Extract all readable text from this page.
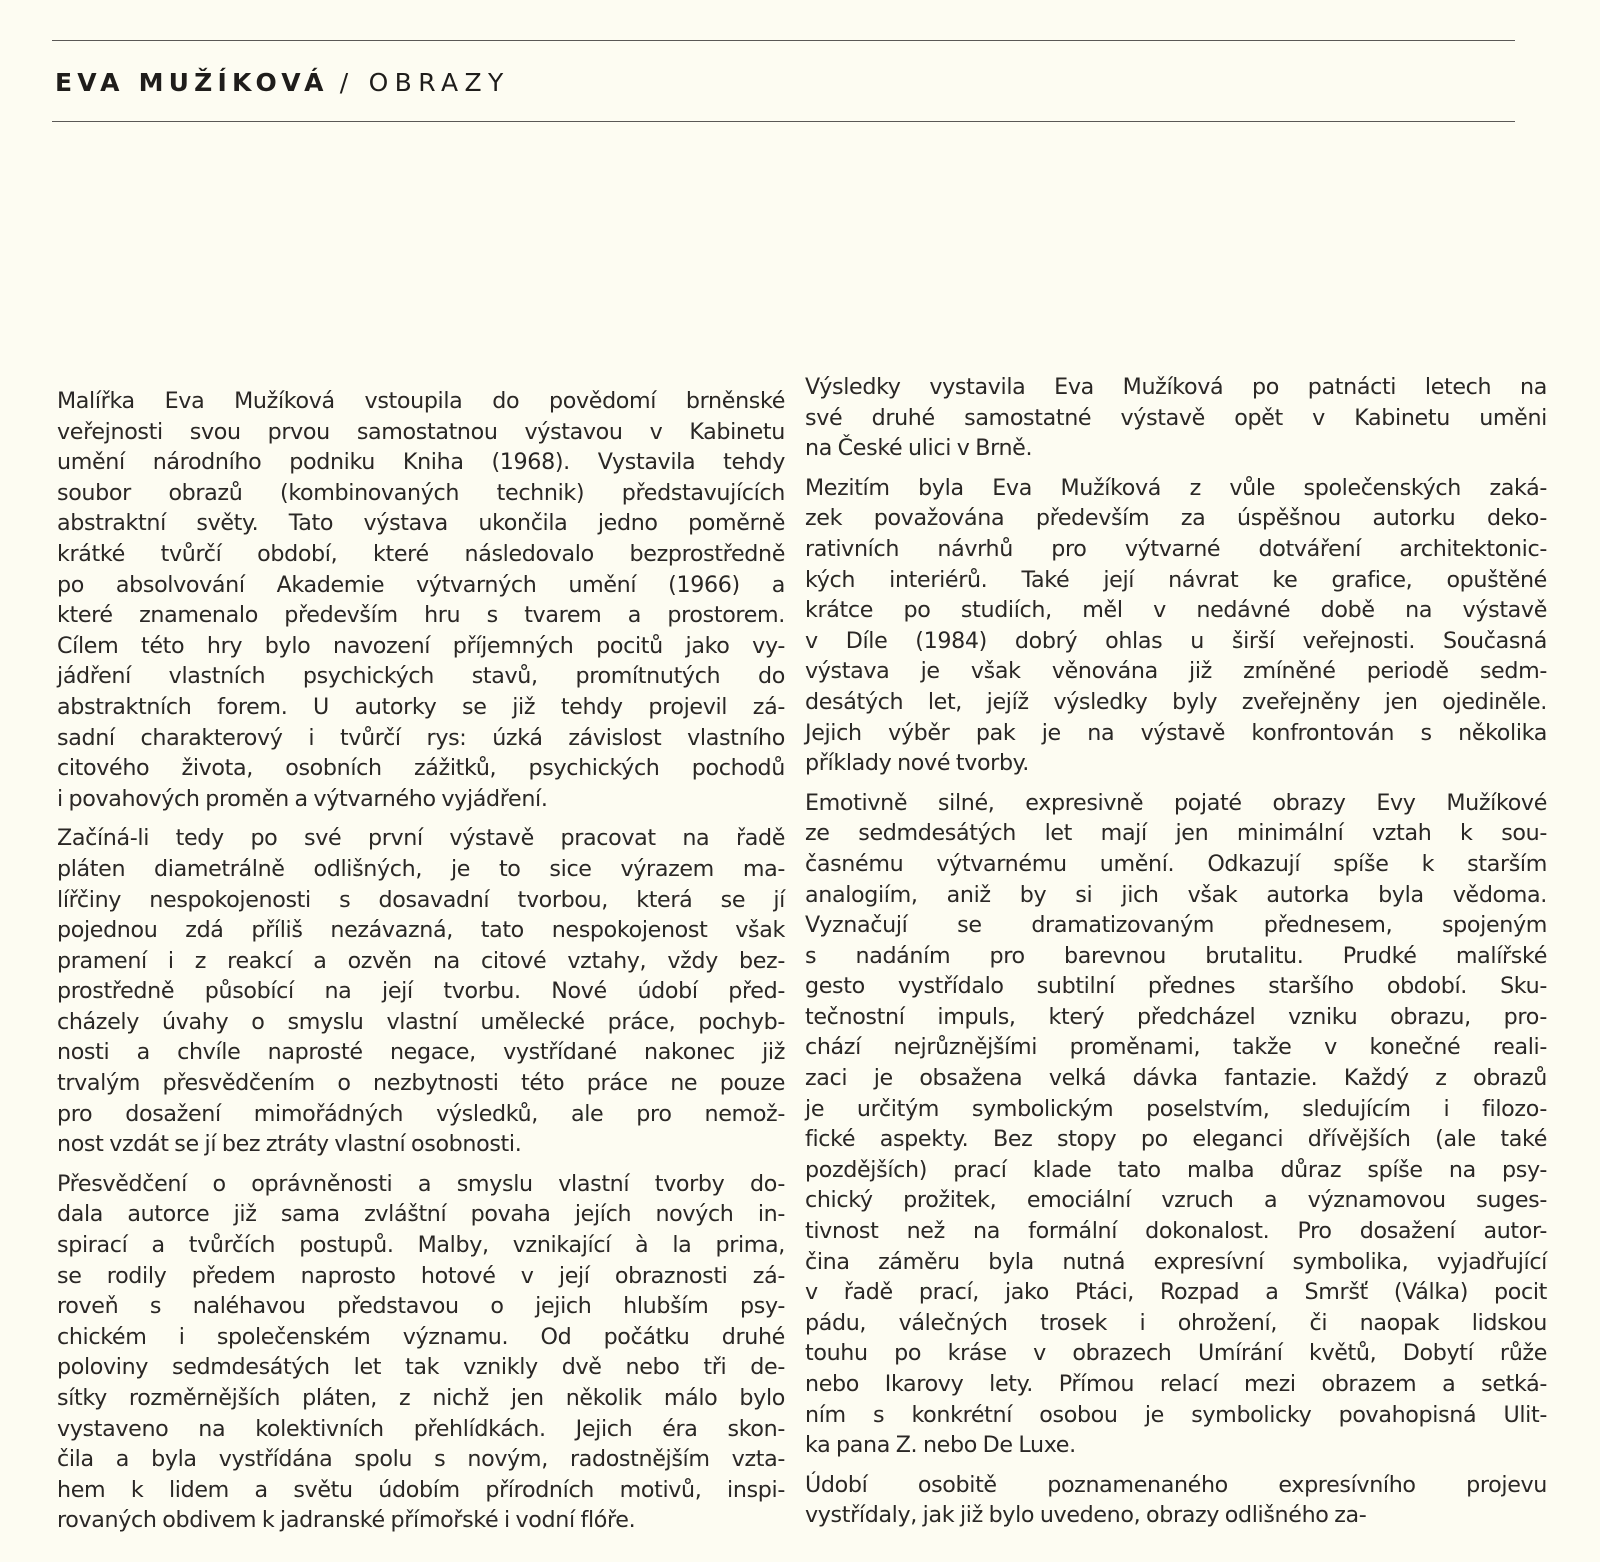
EVA MUŽÍKOVÁ / OBRAZY
Malířka Eva Mužíková vstoupila do povědomí brněnské
veřejnosti svou prvou samostatnou výstavou v Kabinetu
umění národního podniku Kniha (1968). Vystavila tehdy
soubor obrazů (kombinovaných technik) představujících
abstraktní světy. Tato výstava ukončila jedno poměrně
krátké tvůrčí období, které následovalo bezprostředně
po absolvování Akademie výtvarných umění (1966) a
které znamenalo především hru s tvarem a prostorem.
Cílem této hry bylo navození příjemných pocitů jako vy-
jádření vlastních psychických stavů, promítnutých do
abstraktních forem. U autorky se již tehdy projevil zá-
sadní charakterový i tvůrčí rys: úzká závislost vlastního
citového života, osobních zážitků, psychických pochodů
i povahových proměn a výtvarného vyjádření.
Začíná-li tedy po své první výstavě pracovat na řadě
pláten diametrálně odlišných, je to sice výrazem ma-
lířčiny nespokojenosti s dosavadní tvorbou, která se jí
pojednou zdá příliš nezávazná, tato nespokojenost však
pramení i z reakcí a ozvěn na citové vztahy, vždy bez-
prostředně působící na její tvorbu. Nové údobí před-
cházely úvahy o smyslu vlastní umělecké práce, pochyb-
nosti a chvíle naprosté negace, vystřídané nakonec již
trvalým přesvědčením o nezbytnosti této práce ne pouze
pro dosažení mimořádných výsledků, ale pro nemož-
nost vzdát se jí bez ztráty vlastní osobnosti.
Přesvědčení o oprávněnosti a smyslu vlastní tvorby do-
dala autorce již sama zvláštní povaha jejích nových in-
spirací a tvůrčích postupů. Malby, vznikající à la prima,
se rodily předem naprosto hotové v její obraznosti zá-
roveň s naléhavou představou o jejich hlubším psy-
chickém i společenském významu. Od počátku druhé
poloviny sedmdesátých let tak vznikly dvě nebo tři de-
sítky rozměrnějších pláten, z nichž jen několik málo bylo
vystaveno na kolektivních přehlídkách. Jejich éra skon-
čila a byla vystřídána spolu s novým, radostnějším vzta-
hem k lidem a světu údobím přírodních motivů, inspi-
rovaných obdivem k jadranské přímořské i vodní flóře.
Výsledky vystavila Eva Mužíková po patnácti letech na
své druhé samostatné výstavě opět v Kabinetu uměni
na České ulici v Brně.
Mezitím byla Eva Mužíková z vůle společenských zaká-
zek považována především za úspěšnou autorku deko-
rativních návrhů pro výtvarné dotváření architektonic-
kých interiérů. Také její návrat ke grafice, opuštěné
krátce po studiích, měl v nedávné době na výstavě
v Díle (1984) dobrý ohlas u širší veřejnosti. Současná
výstava je však věnována již zmíněné periodě sedm-
desátých let, jejíž výsledky byly zveřejněny jen ojediněle.
Jejich výběr pak je na výstavě konfrontován s několika
příklady nové tvorby.
Emotivně silné, expresivně pojaté obrazy Evy Mužíkové
ze sedmdesátých let mají jen minimální vztah k sou-
časnému výtvarnému umění. Odkazují spíše k starším
analogiím, aniž by si jich však autorka byla vědoma.
Vyznačují se dramatizovaným přednesem, spojeným
s nadáním pro barevnou brutalitu. Prudké malířské
gesto vystřídalo subtilní přednes staršího období. Sku-
tečnostní impuls, který předcházel vzniku obrazu, pro-
chází nejrůznějšími proměnami, takže v konečné reali-
zaci je obsažena velká dávka fantazie. Každý z obrazů
je určitým symbolickým poselstvím, sledujícím i filozo-
fické aspekty. Bez stopy po eleganci dřívějších (ale také
pozdějších) prací klade tato malba důraz spíše na psy-
chický prožitek, emociální vzruch a významovou suges-
tivnost než na formální dokonalost. Pro dosažení autor-
čina záměru byla nutná expresívní symbolika, vyjadřující
v řadě prací, jako Ptáci, Rozpad a Smršť (Válka) pocit
pádu, válečných trosek i ohrožení, či naopak lidskou
touhu po kráse v obrazech Umírání květů, Dobytí růže
nebo Ikarovy lety. Přímou relací mezi obrazem a setká-
ním s konkrétní osobou je symbolicky povahopisná Ulit-
ka pana Z. nebo De Luxe.
Údobí osobitě poznamenaného expresívního projevu
vystřídaly, jak již bylo uvedeno, obrazy odlišného za-
